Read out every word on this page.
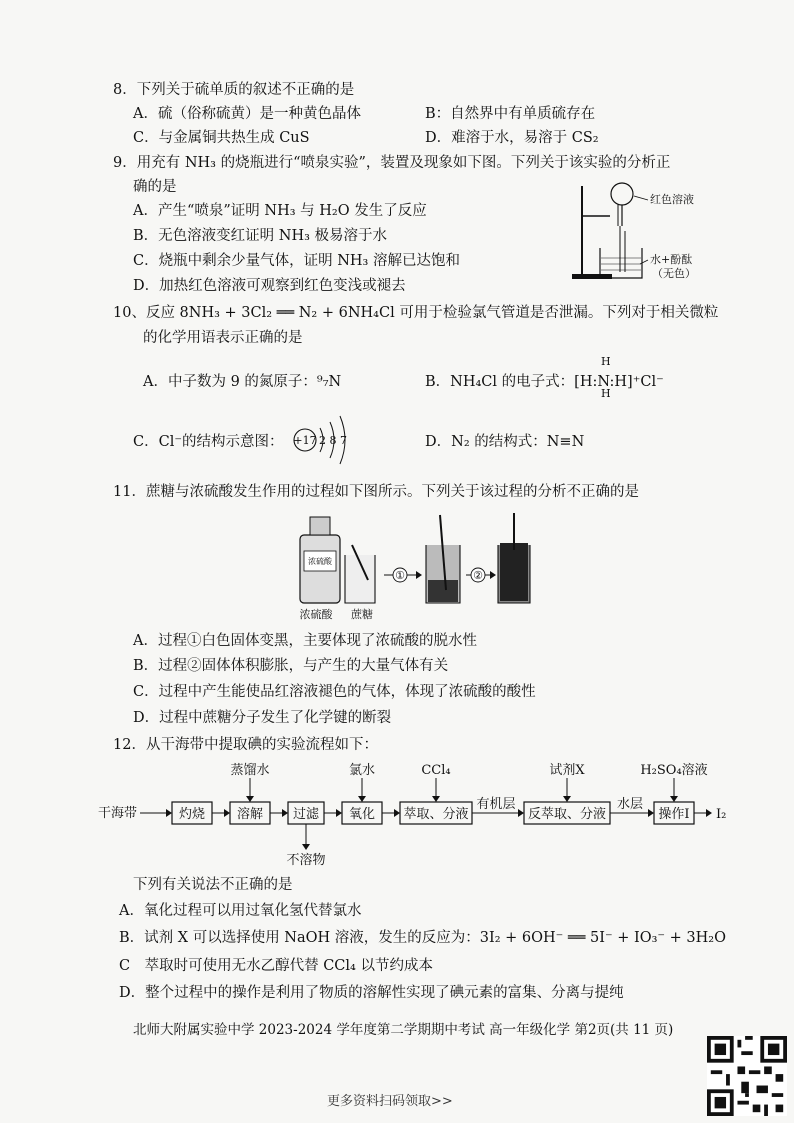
8．下列关于硫单质的叙述不正确的是
A．硫（俗称硫黄）是一种黄色晶体	B：自然界中有单质硫存在
C．与金属铜共热生成 CuS	D．难溶于水，易溶于 CS₂
9．用充有 NH₃ 的烧瓶进行“喷泉实验”，装置及现象如下图。下列关于该实验的分析正
确的是
A．产生“喷泉”证明 NH₃ 与 H₂O 发生了反应
B．无色溶液变红证明 NH₃ 极易溶于水
C．烧瓶中剩余少量气体，证明 NH₃ 溶解已达饱和
D．加热红色溶液可观察到红色变浅或褪去
红色溶液
水+酚酞
（无色）
10、反应 8NH₃ + 3Cl₂ ══ N₂ + 6NH₄Cl 可用于检验氯气管道是否泄漏。下列对于相关微粒
的化学用语表示正确的是
A．中子数为 9 的氮原子：⁹₇N	B．NH₄Cl 的电子式：[H:N:H]⁺Cl⁻
H
H
C．Cl⁻的结构示意图： +17 2 8 7	D．N₂ 的结构式：N≡N
11．蔗糖与浓硫酸发生作用的过程如下图所示。下列关于该过程的分析不正确的是
浓硫酸
①	②
浓硫酸 蔗糖
A．过程①白色固体变黑，主要体现了浓硫酸的脱水性
B．过程②固体体积膨胀，与产生的大量气体有关
C．过程中产生能使品红溶液褪色的气体，体现了浓硫酸的酸性
D．过程中蔗糖分子发生了化学键的断裂
12．从干海带中提取碘的实验流程如下：
干海带	灼烧 溶解
蒸馏水
过滤
不溶物
氧化
氯水
萃取、分液
CCl₄
有机层
反萃取、分液
试剂X
水层
操作I
H₂SO₄溶液
I₂
下列有关说法不正确的是
A．氧化过程可以用过氧化氢代替氯水
B．试剂 X 可以选择使用 NaOH 溶液，发生的反应为：3I₂ + 6OH⁻ ══ 5I⁻ + IO₃⁻ + 3H₂O
C　萃取时可使用无水乙醇代替 CCl₄ 以节约成本
D．整个过程中的操作是利用了物质的溶解性实现了碘元素的富集、分离与提纯
北师大附属实验中学 2023-2024 学年度第二学期期中考试 高一年级化学 第2页(共 11 页)
更多资料扫码领取>>
